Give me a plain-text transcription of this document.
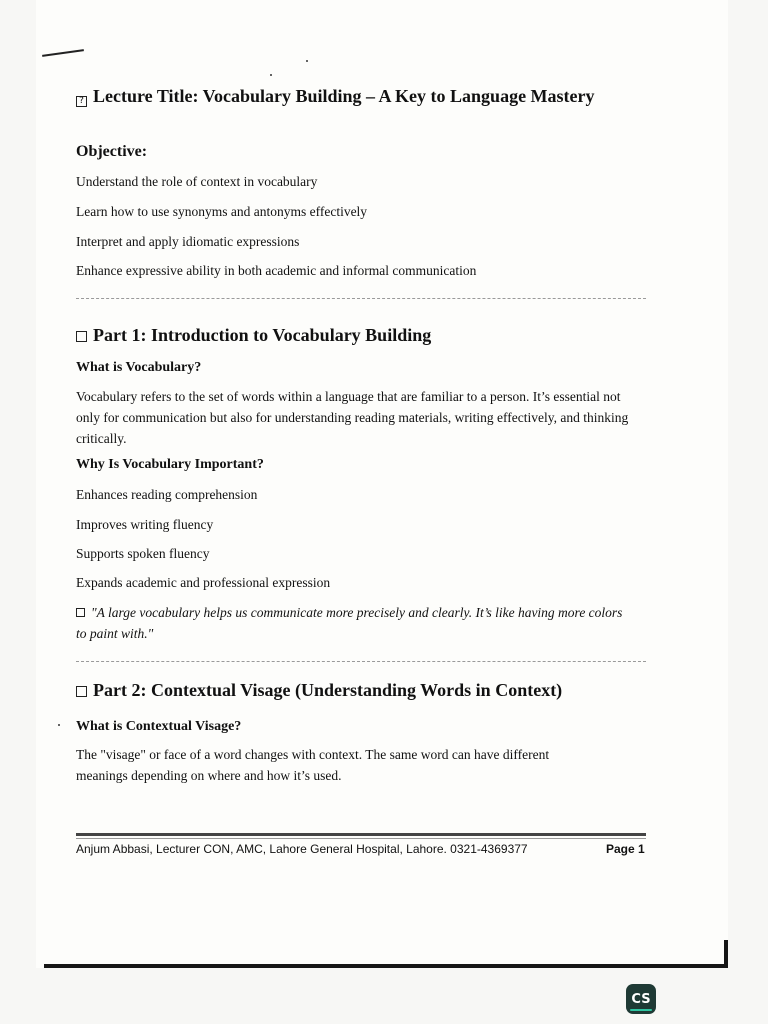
? Lecture Title: Vocabulary Building – A Key to Language Mastery
Objective:
Understand the role of context in vocabulary
Learn how to use synonyms and antonyms effectively
Interpret and apply idiomatic expressions
Enhance expressive ability in both academic and informal communication
Part 1: Introduction to Vocabulary Building
What is Vocabulary?
Vocabulary refers to the set of words within a language that are familiar to a person. It’s essential not only for communication but also for understanding reading materials, writing effectively, and thinking critically.
Why Is Vocabulary Important?
Enhances reading comprehension
Improves writing fluency
Supports spoken fluency
Expands academic and professional expression
"A large vocabulary helps us communicate more precisely and clearly. It’s like having more colors to paint with."
Part 2: Contextual Visage (Understanding Words in Context)
What is Contextual Visage?
The "visage" or face of a word changes with context. The same word can have different meanings depending on where and how it’s used.
Anjum Abbasi, Lecturer CON, AMC, Lahore General Hospital, Lahore. 0321-4369377	Page 1
CS
